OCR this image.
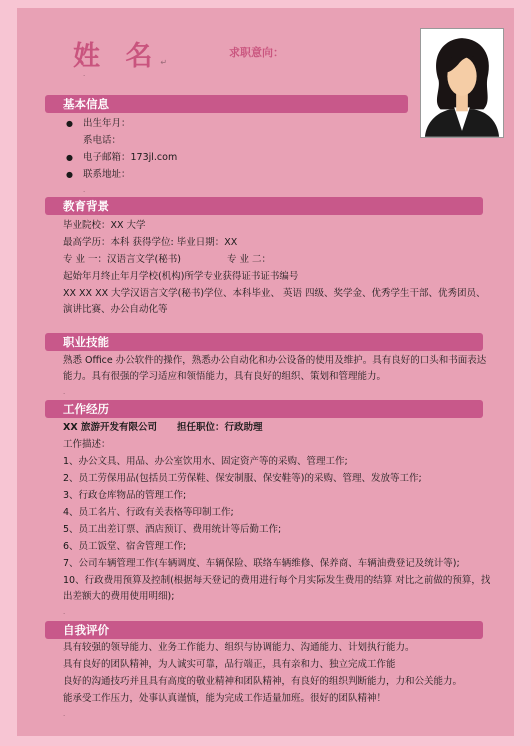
姓 名↵
求职意向：
.
基本信息
● 出生年月：
系电话：
● 电子邮箱：173jl.com
● 联系地址：
.
教育背景
毕业院校：XX 大学
最高学历：本科 获得学位: 毕业日期：XX
专 业 一：汉语言文学(秘书)	专 业 二：
起始年月终止年月学校(机构)所学专业获得证书证书编号
XX XX XX 大学汉语言文学(秘书)学位、本科毕业、 英语 四级、奖学金、优秀学生干部、优秀团员、演讲比赛、办公自动化等
职业技能
熟悉 Office 办公软件的操作，熟悉办公自动化和办公设备的使用及维护。具有良好的口头和书面表达能力。具有很强的学习适应和领悟能力，具有良好的组织、策划和管理能力。
.
工作经历
XX 旅游开发有限公司 担任职位：行政助理
工作描述：
1、办公文具、用品、办公室饮用水、固定资产等的采购、管理工作;
2、员工劳保用品(包括员工劳保鞋、保安制服、保安鞋等)的采购、管理、发放等工作;
3、行政仓库物品的管理工作;
4、员工名片、行政有关表格等印制工作;
5、员工出差订票、酒店预订、费用统计等后勤工作;
6、员工饭堂、宿舍管理工作;
7、公司车辆管理工作(车辆调度、车辆保险、联络车辆维修、保养商、车辆油费登记及统计等);
10、行政费用预算及控制(根据每天登记的费用进行每个月实际发生费用的结算 对比之前做的预算，找出差额大的费用使用明细);
.
自我评价
具有较强的领导能力、业务工作能力、组织与协调能力、沟通能力、计划执行能力。
具有良好的团队精神，为人诚实可靠，品行端正，具有亲和力、独立完成工作能
良好的沟通技巧并且具有高度的敬业精神和团队精神，有良好的组织判断能力，力和公关能力。
能承受工作压力，处事认真谨慎，能为完成工作适量加班。很好的团队精神！
.
